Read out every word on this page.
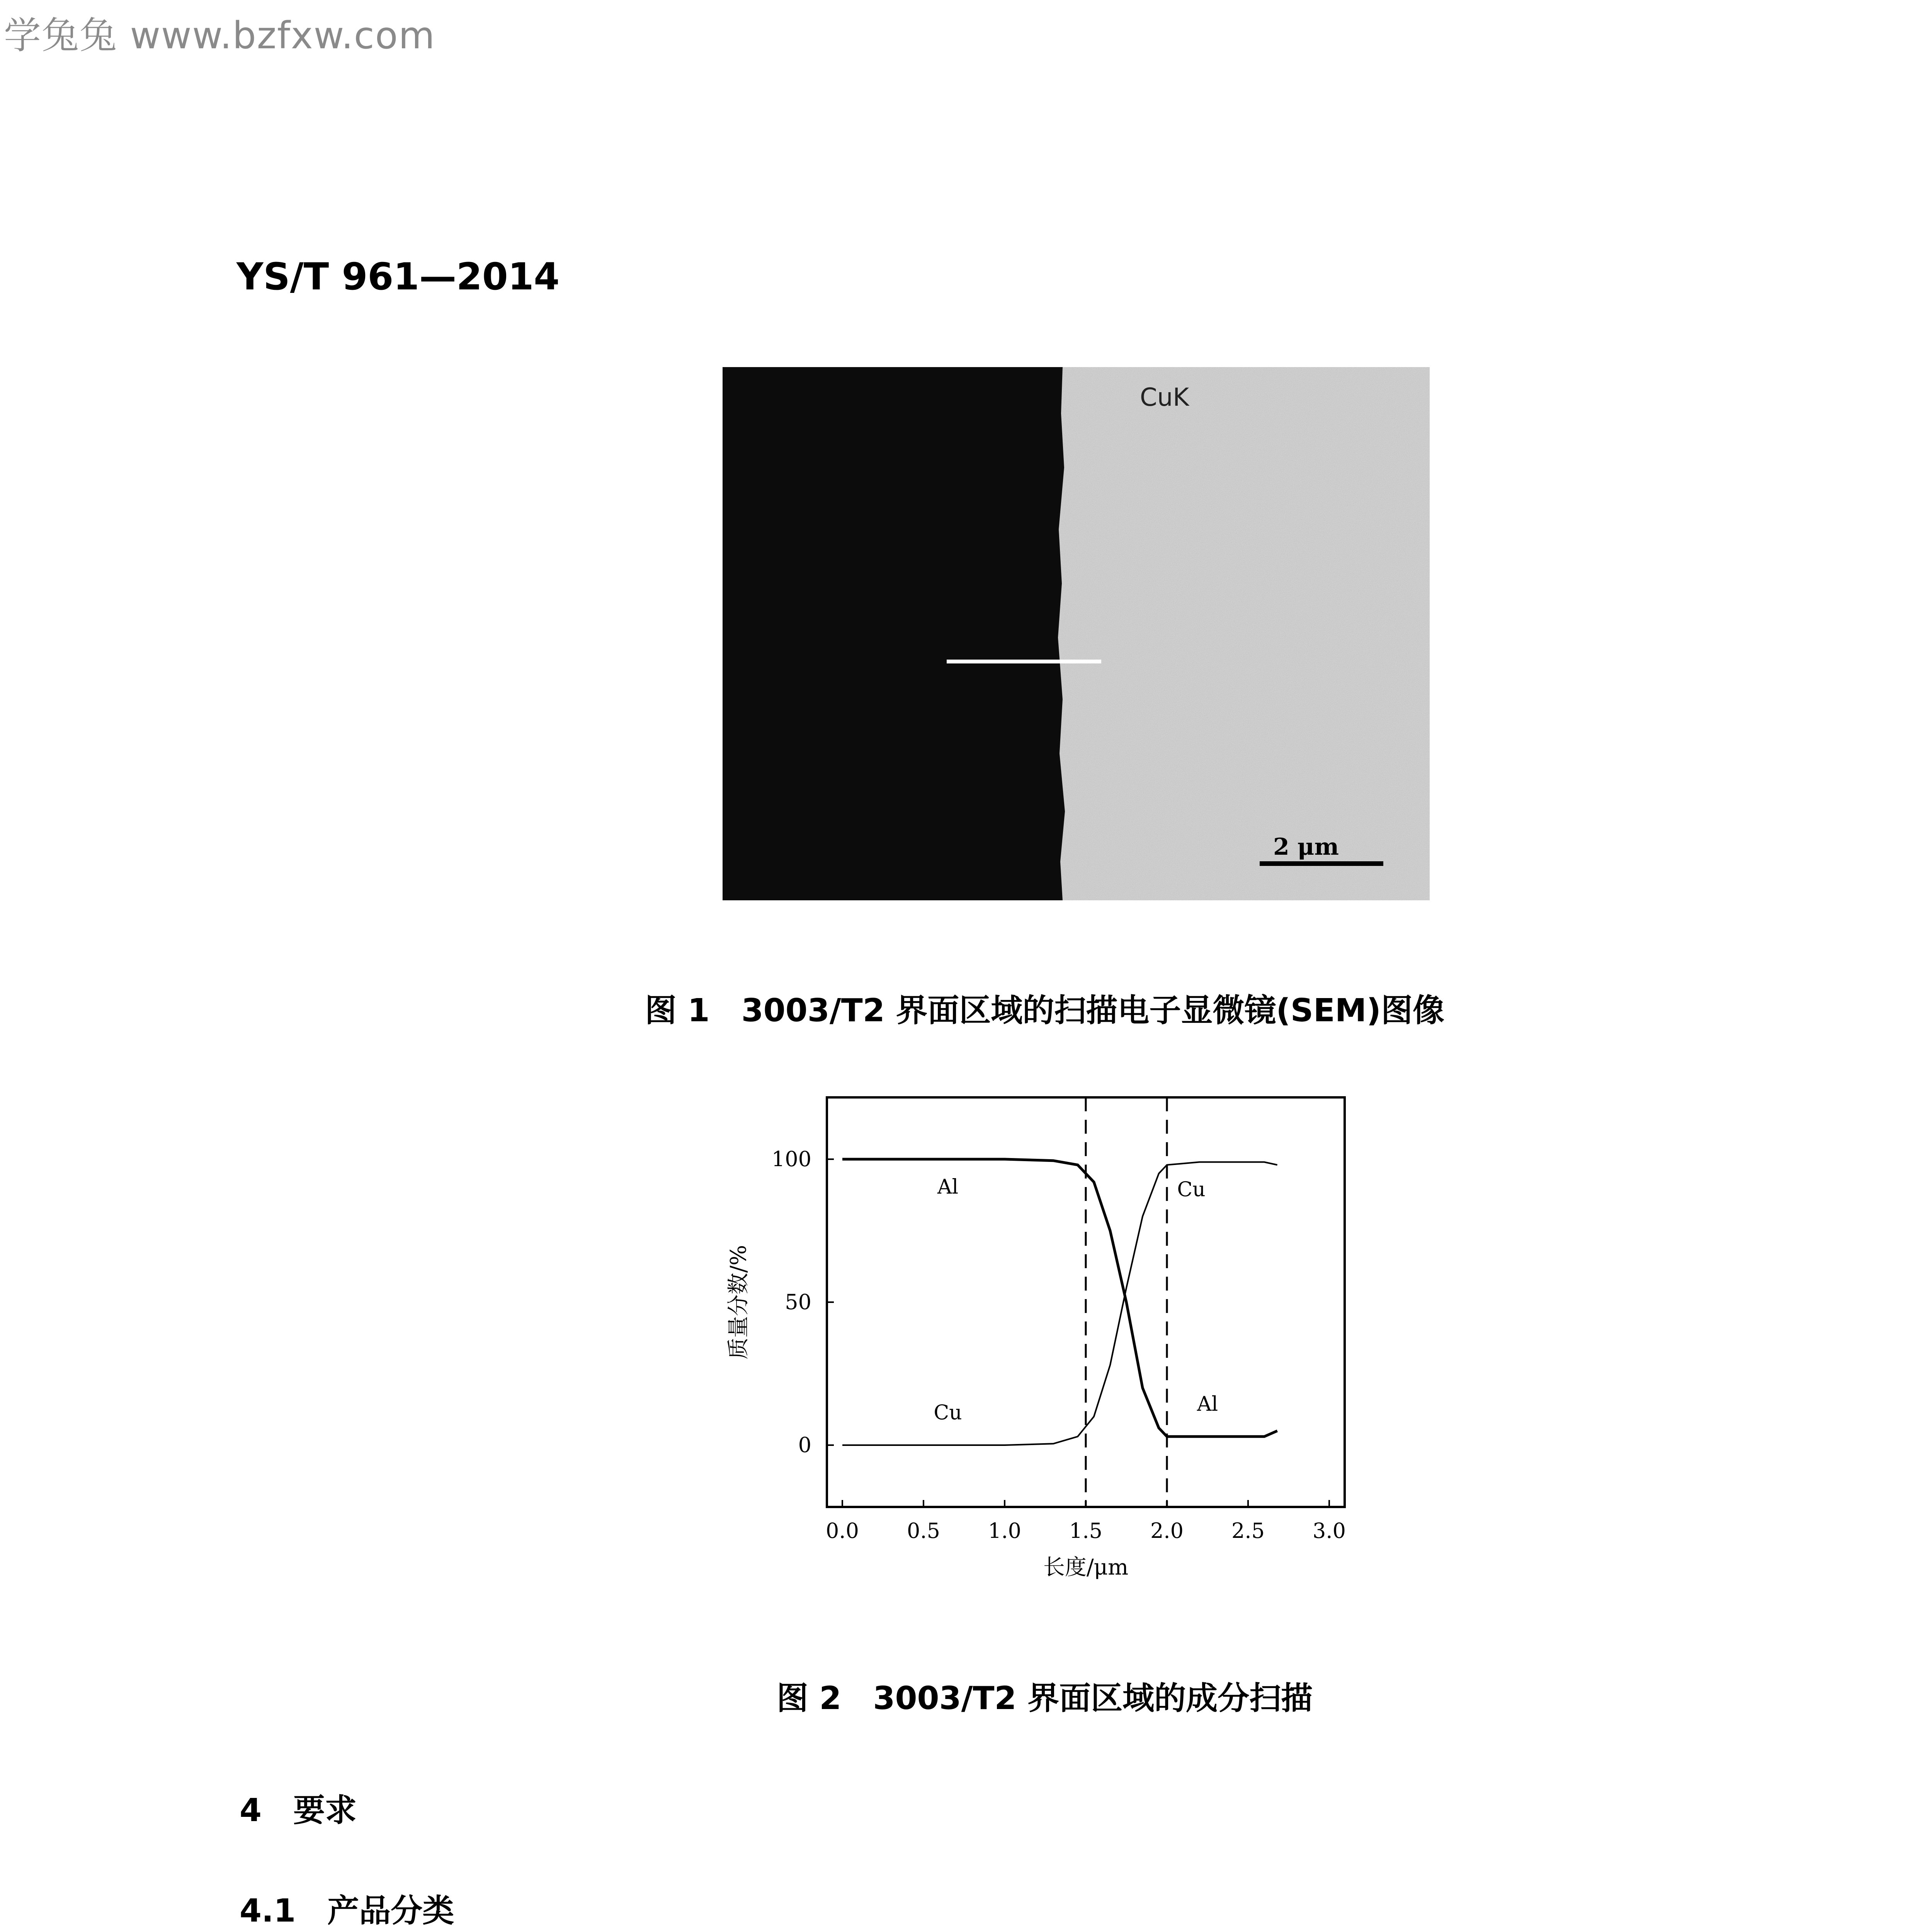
学兔兔 www.bzfxw.com
YS/T 961—2014
CuK
2 μm
图 1　3003/T2 界面区域的扫描电子显微镜(SEM)图像
0.0 0.5 1.0 1.5 2.0 2.5 3.0
0
50
100
Al	Cu
Cu	Al
质量分数/%
长度/μm
图 2　3003/T2 界面区域的成分扫描
4　要求
4.1　产品分类
